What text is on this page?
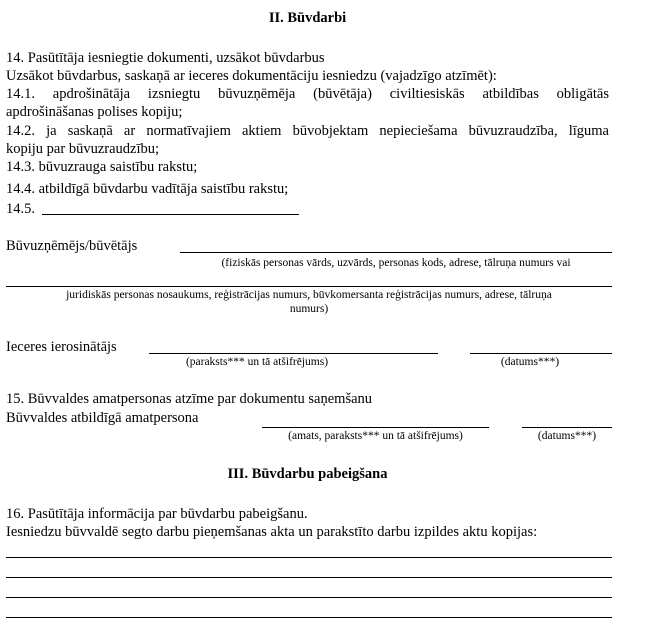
II. Būvdarbi
14. Pasūtītāja iesniegtie dokumenti, uzsākot būvdarbus
Uzsākot būvdarbus, saskaņā ar ieceres dokumentāciju iesniedzu (vajadzīgo atzīmēt):
14.1. apdrošinātāja izsniegtu būvuzņēmēja (būvētāja) civiltiesiskās atbildības obligātās
apdrošināšanas polises kopiju;
14.2. ja saskaņā ar normatīvajiem aktiem būvobjektam nepieciešama būvuzraudzība, līguma
kopiju par būvuzraudzību;
14.3. būvuzrauga saistību rakstu;
14.4. atbildīgā būvdarbu vadītāja saistību rakstu;
14.5.
Būvuzņēmējs/būvētājs
(fiziskās personas vārds, uzvārds, personas kods, adrese, tālruņa numurs vai
juridiskās personas nosaukums, reģistrācijas numurs, būvkomersanta reģistrācijas numurs, adrese, tālruņa
numurs)
Ieceres ierosinātājs
(paraksts*** un tā atšifrējums)	(datums***)
15. Būvvaldes amatpersonas atzīme par dokumentu saņemšanu
Būvvaldes atbildīgā amatpersona
(amats, paraksts*** un tā atšifrējums)	(datums***)
III. Būvdarbu pabeigšana
16. Pasūtītāja informācija par būvdarbu pabeigšanu.
Iesniedzu būvvaldē segto darbu pieņemšanas akta un parakstīto darbu izpildes aktu kopijas:
